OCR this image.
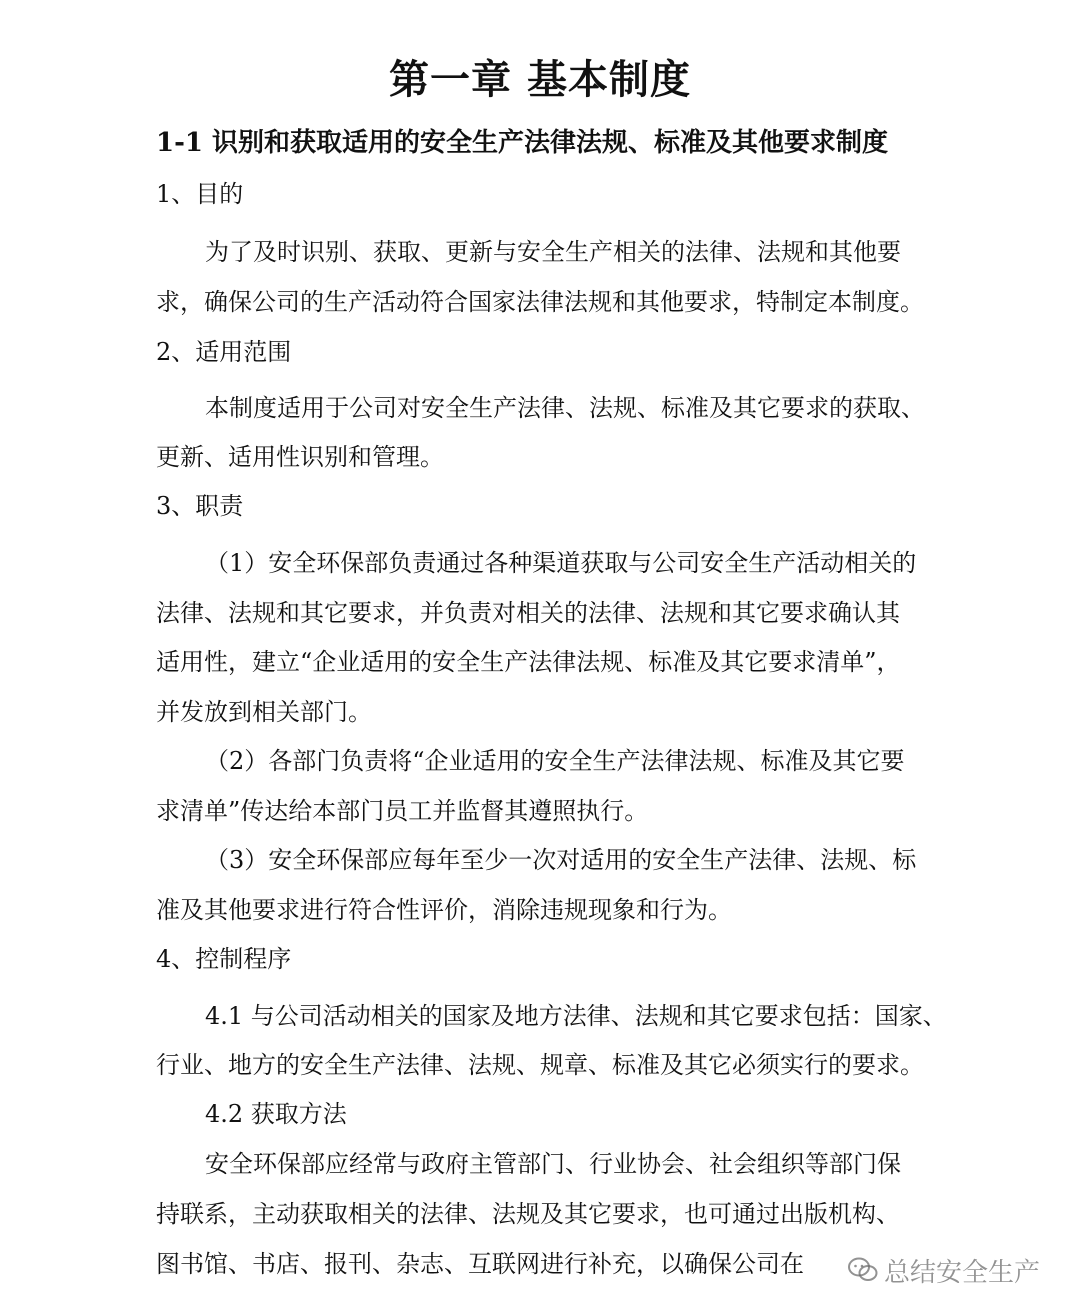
第一章 基本制度
1-1 识别和获取适用的安全生产法律法规、标准及其他要求制度
1、目的
为了及时识别、获取、更新与安全生产相关的法律、法规和其他要
求，确保公司的生产活动符合国家法律法规和其他要求，特制定本制度。
2、适用范围
本制度适用于公司对安全生产法律、法规、标准及其它要求的获取、
更新、适用性识别和管理。
3、职责
（1）安全环保部负责通过各种渠道获取与公司安全生产活动相关的
法律、法规和其它要求，并负责对相关的法律、法规和其它要求确认其
适用性，建立“企业适用的安全生产法律法规、标准及其它要求清单”，
并发放到相关部门。
（2）各部门负责将“企业适用的安全生产法律法规、标准及其它要
求清单”传达给本部门员工并监督其遵照执行。
（3）安全环保部应每年至少一次对适用的安全生产法律、法规、标
准及其他要求进行符合性评价，消除违规现象和行为。
4、控制程序
4.1 与公司活动相关的国家及地方法律、法规和其它要求包括：国家、
行业、地方的安全生产法律、法规、规章、标准及其它必须实行的要求。
4.2 获取方法
安全环保部应经常与政府主管部门、行业协会、社会组织等部门保
持联系，主动获取相关的法律、法规及其它要求，也可通过出版机构、
图书馆、书店、报刊、杂志、互联网进行补充，以确保公司在	总结安全生产
